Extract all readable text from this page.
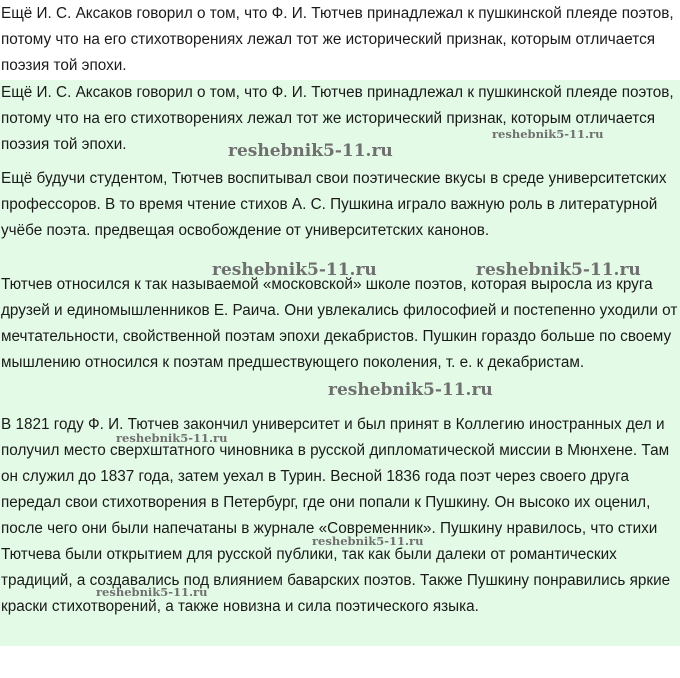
Ещё И. С. Аксаков говорил о том, что Ф. И. Тютчев принадлежал к пушкинской плеяде поэтов, потому что на его стихотворениях лежал тот же исторический признак, которым отличается поэзия той эпохи.

Ещё И. С. Аксаков говорил о том, что Ф. И. Тютчев принадлежал к пушкинской плеяде поэтов, потому что на его стихотворениях лежал тот же исторический признак, которым отличается поэзия той эпохи.

Ещё будучи студентом, Тютчев воспитывал свои поэтические вкусы в среде университетских профессоров. В то время чтение стихов А. С. Пушкина играло важную роль в литературной учёбе поэта. предвещая освобождение от университетских канонов.

Тютчев относился к так называемой «московской» школе поэтов, которая выросла из круга друзей и единомышленников Е. Раича. Они увлекались философией и постепенно уходили от мечтательности, свойственной поэтам эпохи декабристов. Пушкин гораздо больше по своему мышлению относился к поэтам предшествующего поколения, т. е. к декабристам.

В 1821 году Ф. И. Тютчев закончил университет и был принят в Коллегию иностранных дел и получил место сверхштатного чиновника в русской дипломатической миссии в Мюнхене. Там он служил до 1837 года, затем уехал в Турин. Весной 1836 года поэт через своего друга передал свои стихотворения в Петербург, где они попали к Пушкину. Он высоко их оценил, после чего они были напечатаны в журнале «Современник». Пушкину нравилось, что стихи Тютчева были открытием для русской публики, так как были далеки от романтических традиций, а создавались под влиянием баварских поэтов. Также Пушкину понравились яркие краски стихотворений, а также новизна и сила поэтического языка.

reshebnik5-11.ru
reshebnik5-11.ru
reshebnik5-11.ru	reshebnik5-11.ru
reshebnik5-11.ru
reshebnik5-11.ru
reshebnik5-11.ru
reshebnik5-11.ru
